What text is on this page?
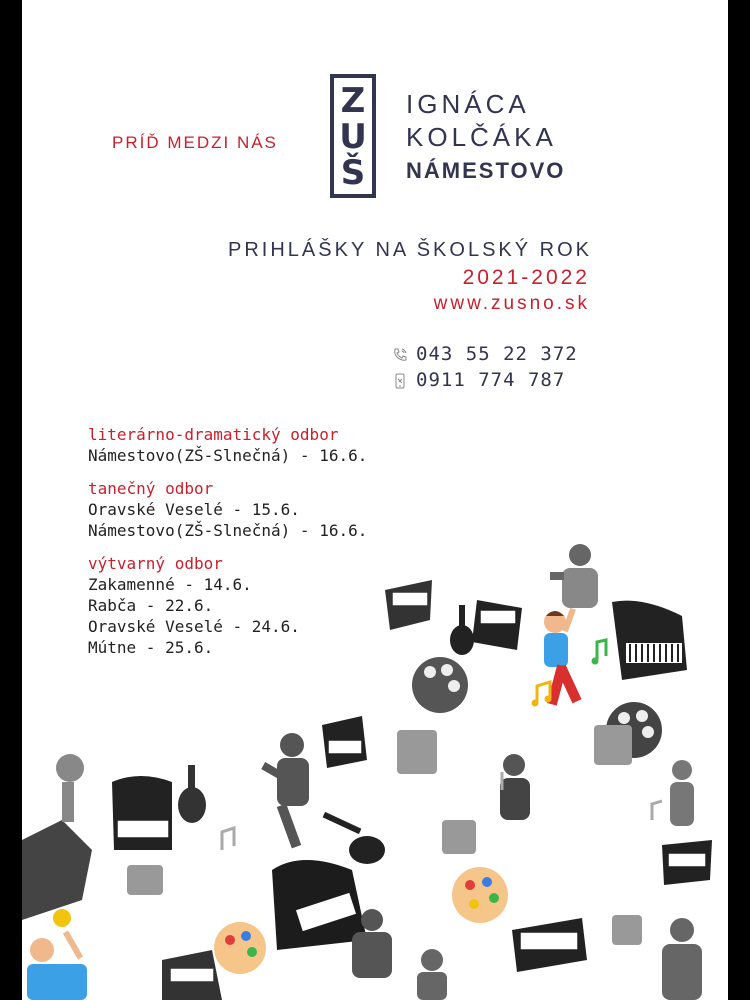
PRÍĎ MEDZI NÁS
Z
U
Š
IGNÁCA
KOLČÁKA
NÁMESTOVO
PRIHLÁŠKY NA ŠKOLSKÝ ROK
2021-2022
www.zusno.sk
043 55 22 372
0911 774 787
literárno-dramatický odbor
Námestovo(ZŠ-Slnečná) - 16.6.
tanečný odbor
Oravské Veselé - 15.6.
Námestovo(ZŠ-Slnečná) - 16.6.
výtvarný odbor
Zakamenné - 14.6.
Rabča - 22.6.
Oravské Veselé - 24.6.
Mútne - 25.6.
